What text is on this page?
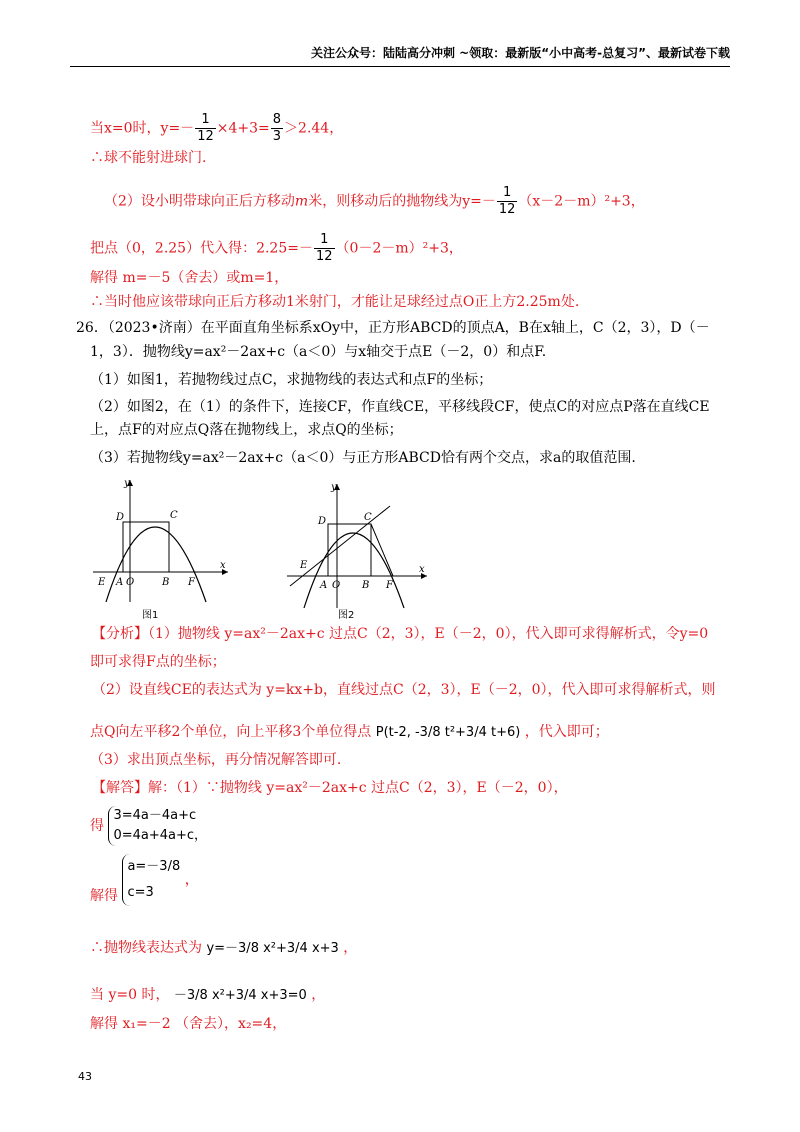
关注公众号：陆陆高分冲刺 ~领取：最新版“小中高考-总复习”、最新试卷下载
当x=0时，$y=- \frac{1}{12} \times 4+3= \frac{8}{3} >2.44$，
∴球不能射进球门.
（2）设小明带球向正后方移动m米，则移动后的抛物线为$y=- \frac{1}{12} (x-2-m)^2+3$，
把点（0，2.25）代入得：$2.25=- \frac{1}{12} (0-2-m)^2+3$，
解得 m=－5（舍去）或m=1，
∴当时他应该带球向正后方移动1米射门，才能让足球经过点O正上方2.25m处.
26．（2023•济南）在平面直角坐标系xOy中，正方形ABCD的顶点A，B在x轴上，C（2，3），D（－
1，3）．抛物线y=ax²－2ax+c（a＜0）与x轴交于点E（－2，0）和点F.
（1）如图1，若抛物线过点C，求抛物线的表达式和点F的坐标；
（2）如图2，在（1）的条件下，连接CF，作直线CE，平移线段CF，使点C的对应点P落在直线CE
上，点F的对应点Q落在抛物线上，求点Q的坐标；
（3）若抛物线y=ax²－2ax+c（a＜0）与正方形ABCD恰有两个交点，求a的取值范围.
y
x
D	C
E A O	B F
图1
y
x
D	C
E
A O B F
图2
【分析】（1）抛物线 y=ax²－2ax+c 过点C（2，3），E（－2，0），代入即可求得解析式，令y=0
即可求得F点的坐标；
（2）设直线CE的表达式为 y=kx+b，直线过点C（2，3），E（－2，0），代入即可求得解析式，则
点Q向左平移2个单位，向上平移3个单位得点 P(t-2, -3/8 t²+3/4 t+6) ，代入即可；
（3）求出顶点坐标，再分情况解答即可.
【解答】解：（1）∵抛物线 y=ax²－2ax+c 过点C（2，3），E（－2，0），
得 3=4a－4a+c
0=4a+4a+c，
解得 a=－3/8
c=3 ，
∴抛物线表达式为 y=－3/8 x²+3/4 x+3 ，
当 y=0 时， －3/8 x²+3/4 x+3=0 ，
解得 x₁=－2 （舍去），x₂=4，
43
